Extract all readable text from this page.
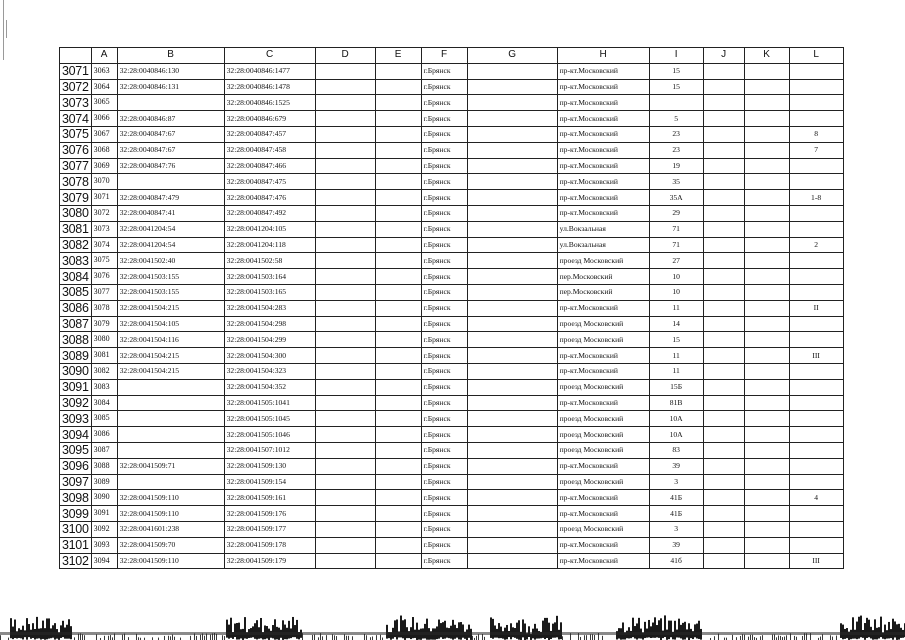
	A	B	C	D	E	F	G	H	I	J	K	L
3071	3063	32:28:0040846:130	32:28:0040846:1477			г.Брянск		пр-кт.Московский	15			
3072	3064	32:28:0040846:131	32:28:0040846:1478			г.Брянск		пр-кт.Московский	15			
3073	3065		32:28:0040846:1525			г.Брянск		пр-кт.Московский				
3074	3066	32:28:0040846:87	32:28:0040846:679			г.Брянск		пр-кт.Московский	5			
3075	3067	32:28:0040847:67	32:28:0040847:457			г.Брянск		пр-кт.Московский	23			8
3076	3068	32:28:0040847:67	32:28:0040847:458			г.Брянск		пр-кт.Московский	23			7
3077	3069	32:28:0040847:76	32:28:0040847:466			г.Брянск		пр-кт.Московский	19			
3078	3070		32:28:0040847:475			г.Брянск		пр-кт.Московский	35			
3079	3071	32:28:0040847:479	32:28:0040847:476			г.Брянск		пр-кт.Московский	35А			1-8
3080	3072	32:28:0040847:41	32:28:0040847:492			г.Брянск		пр-кт.Московский	29			
3081	3073	32:28:0041204:54	32:28:0041204:105			г.Брянск		ул.Вокзальная	71			
3082	3074	32:28:0041204:54	32:28:0041204:118			г.Брянск		ул.Вокзальная	71			2
3083	3075	32:28:0041502:40	32:28:0041502:58			г.Брянск		проезд Московский	27			
3084	3076	32:28:0041503:155	32:28:0041503:164			г.Брянск		пер.Московский	10			
3085	3077	32:28:0041503:155	32:28:0041503:165			г.Брянск		пер.Московский	10			
3086	3078	32:28:0041504:215	32:28:0041504:283			г.Брянск		пр-кт.Московский	11			II
3087	3079	32:28:0041504:105	32:28:0041504:298			г.Брянск		проезд Московский	14			
3088	3080	32:28:0041504:116	32:28:0041504:299			г.Брянск		проезд Московский	15			
3089	3081	32:28:0041504:215	32:28:0041504:300			г.Брянск		пр-кт.Московский	11			III
3090	3082	32:28:0041504:215	32:28:0041504:323			г.Брянск		пр-кт.Московский	11			
3091	3083		32:28:0041504:352			г.Брянск		проезд Московский	15Б			
3092	3084		32:28:0041505:1041			г.Брянск		пр-кт.Московский	81В			
3093	3085		32:28:0041505:1045			г.Брянск		проезд Московский	10А			
3094	3086		32:28:0041505:1046			г.Брянск		проезд Московский	10А			
3095	3087		32:28:0041507:1012			г.Брянск		проезд Московский	83			
3096	3088	32:28:0041509:71	32:28:0041509:130			г.Брянск		пр-кт.Московский	39			
3097	3089		32:28:0041509:154			г.Брянск		проезд Московский	3			
3098	3090	32:28:0041509:110	32:28:0041509:161			г.Брянск		пр-кт.Московский	41Б			4
3099	3091	32:28:0041509:110	32:28:0041509:176			г.Брянск		пр-кт.Московский	41Б			
3100	3092	32:28:0041601:238	32:28:0041509:177			г.Брянск		проезд Московский	3			
3101	3093	32:28:0041509:70	32:28:0041509:178			г.Брянск		пр-кт.Московский	39			
3102	3094	32:28:0041509:110	32:28:0041509:179			г.Брянск		пр-кт.Московский	41б			III
